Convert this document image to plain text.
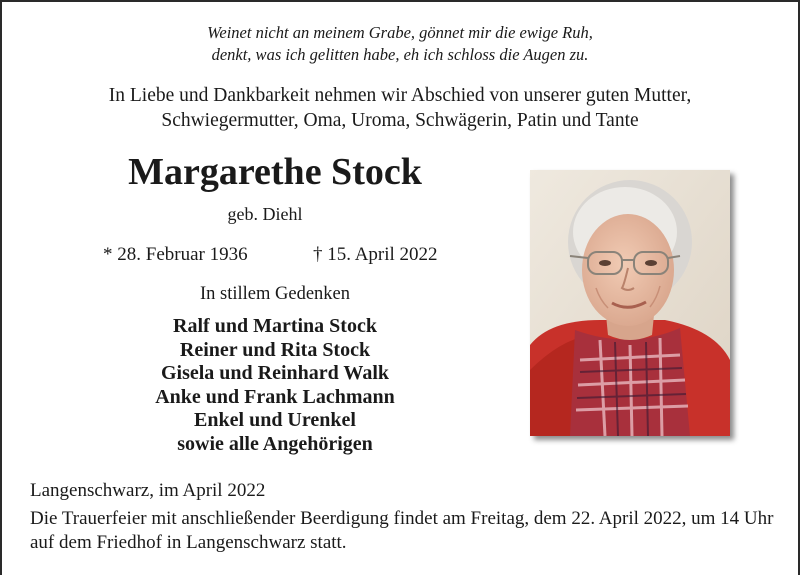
Weinet nicht an meinem Grabe, gönnet mir die ewige Ruh,
denkt, was ich gelitten habe, eh ich schloss die Augen zu.
In Liebe und Dankbarkeit nehmen wir Abschied von unserer guten Mutter,
Schwiegermutter, Oma, Uroma, Schwägerin, Patin und Tante
Margarethe Stock
geb. Diehl
* 28. Februar 1936	† 15. April 2022
In stillem Gedenken
Ralf und Martina Stock
Reiner und Rita Stock
Gisela und Reinhard Walk
Anke und Frank Lachmann
Enkel und Urenkel
sowie alle Angehörigen
Langenschwarz, im April 2022
Die Trauerfeier mit anschließender Beerdigung findet am Freitag, dem 22. April 2022, um 14 Uhr auf dem Friedhof in Langenschwarz statt.
